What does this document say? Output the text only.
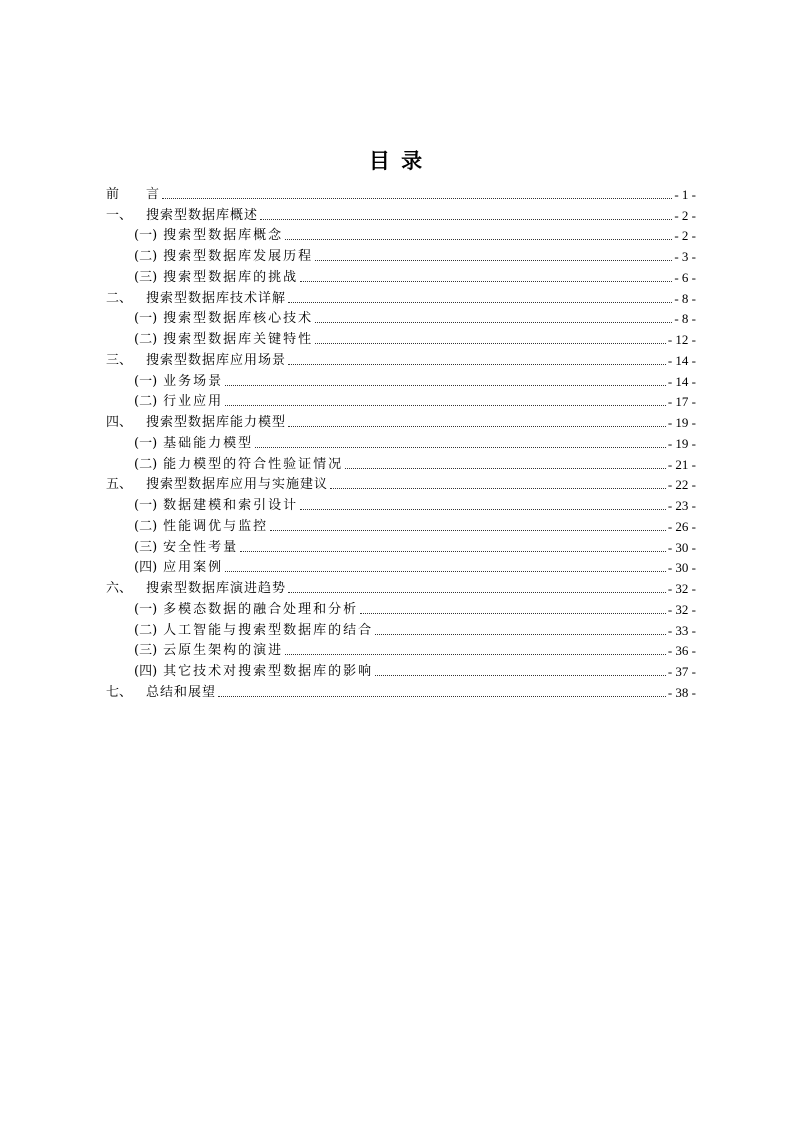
目 录
前	言	- 1 -
一、	搜索型数据库概述	- 2 -
(一) 搜索型数据库概念	- 2 -
(二) 搜索型数据库发展历程	- 3 -
(三) 搜索型数据库的挑战	- 6 -
二、	搜索型数据库技术详解	- 8 -
(一) 搜索型数据库核心技术	- 8 -
(二) 搜索型数据库关键特性	- 12 -
三、	搜索型数据库应用场景	- 14 -
(一) 业务场景	- 14 -
(二) 行业应用	- 17 -
四、	搜索型数据库能力模型	- 19 -
(一) 基础能力模型	- 19 -
(二) 能力模型的符合性验证情况	- 21 -
五、	搜索型数据库应用与实施建议	- 22 -
(一) 数据建模和索引设计	- 23 -
(二) 性能调优与监控	- 26 -
(三) 安全性考量	- 30 -
(四) 应用案例	- 30 -
六、	搜索型数据库演进趋势	- 32 -
(一) 多模态数据的融合处理和分析	- 32 -
(二) 人工智能与搜索型数据库的结合	- 33 -
(三) 云原生架构的演进	- 36 -
(四) 其它技术对搜索型数据库的影响	- 37 -
七、	总结和展望	- 38 -
